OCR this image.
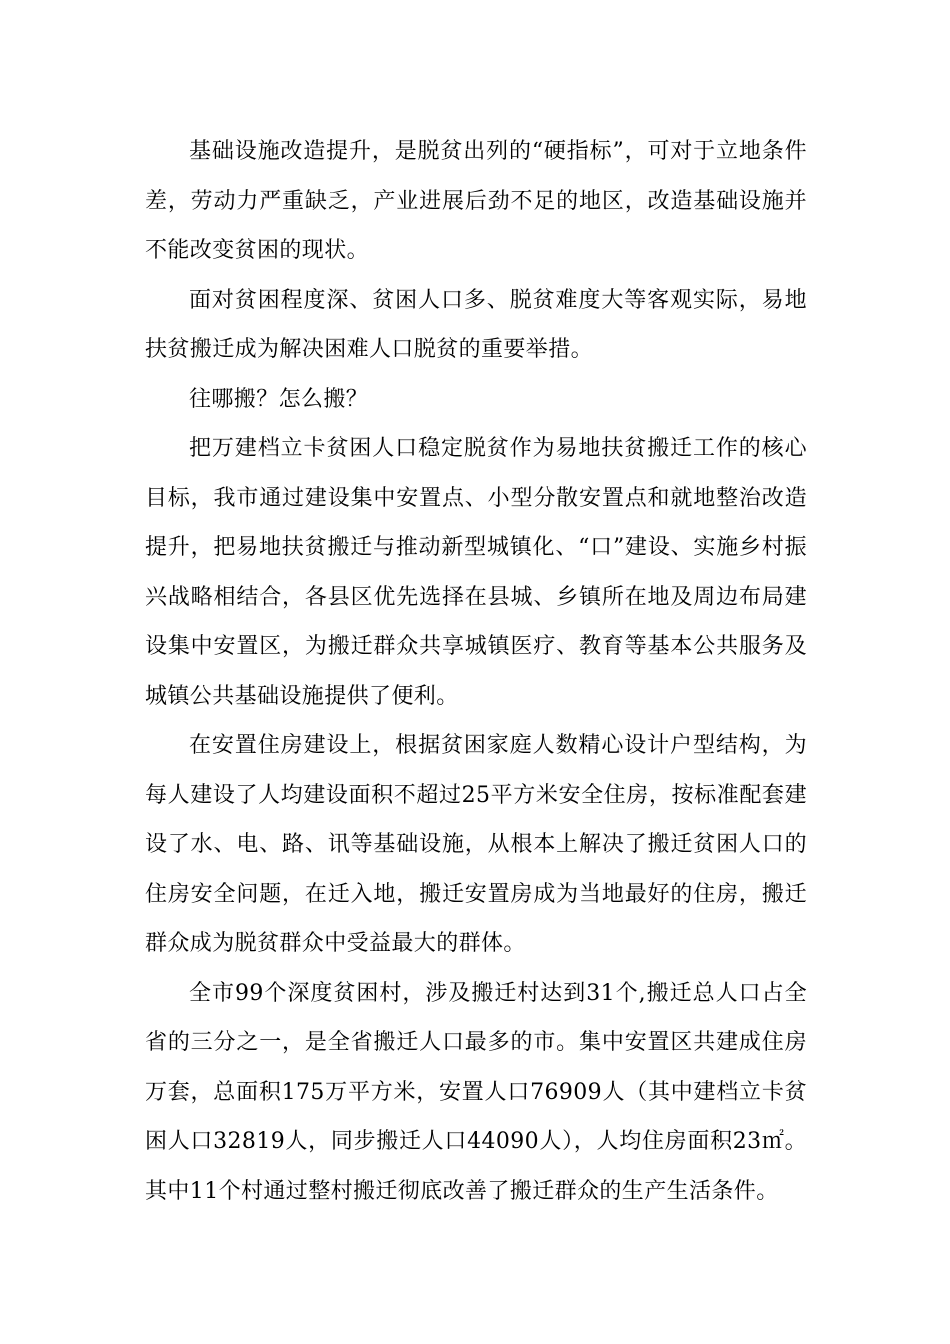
基础设施改造提升，是脱贫出列的“硬指标”，可对于立地条件差，劳动力严重缺乏，产业进展后劲不足的地区，改造基础设施并不能改变贫困的现状。

面对贫困程度深、贫困人口多、脱贫难度大等客观实际，易地扶贫搬迁成为解决困难人口脱贫的重要举措。

往哪搬？怎么搬？

把万建档立卡贫困人口稳定脱贫作为易地扶贫搬迁工作的核心目标，我市通过建设集中安置点、小型分散安置点和就地整治改造提升，把易地扶贫搬迁与推动新型城镇化、“口”建设、实施乡村振兴战略相结合，各县区优先选择在县城、乡镇所在地及周边布局建设集中安置区，为搬迁群众共享城镇医疗、教育等基本公共服务及城镇公共基础设施提供了便利。

在安置住房建设上，根据贫困家庭人数精心设计户型结构，为每人建设了人均建设面积不超过25平方米安全住房，按标准配套建设了水、电、路、讯等基础设施，从根本上解决了搬迁贫困人口的住房安全问题，在迁入地，搬迁安置房成为当地最好的住房，搬迁群众成为脱贫群众中受益最大的群体。

全市99个深度贫困村，涉及搬迁村达到31个,搬迁总人口占全省的三分之一，是全省搬迁人口最多的市。集中安置区共建成住房万套，总面积175万平方米，安置人口76909人（其中建档立卡贫困人口32819人，同步搬迁人口44090人），人均住房面积23㎡。其中11个村通过整村搬迁彻底改善了搬迁群众的生产生活条件。
